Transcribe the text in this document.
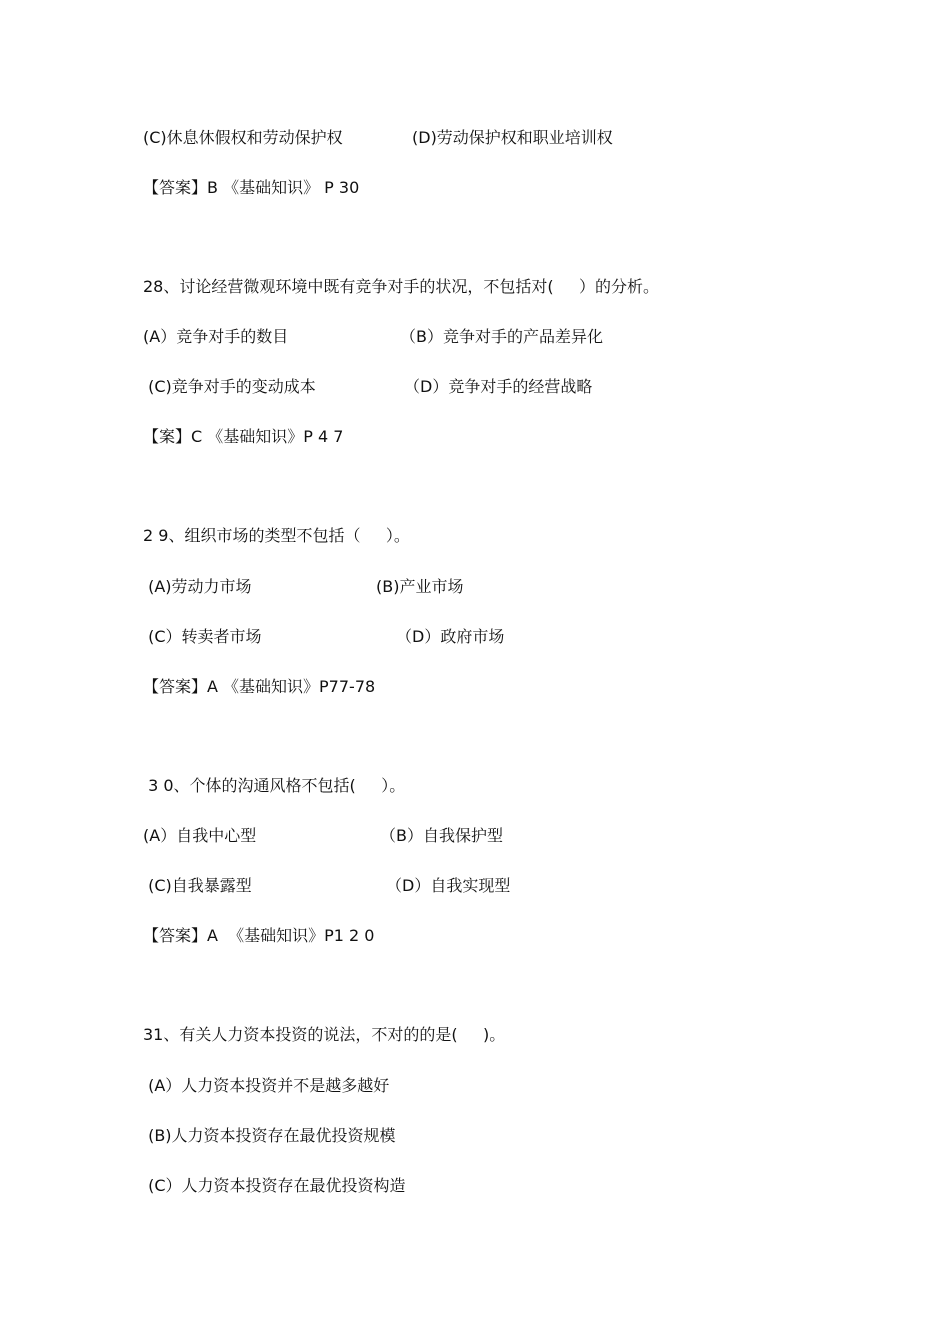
(C)休息休假权和劳动保护权	(D)劳动保护权和职业培训权
【答案】B 《基础知识》 P 30
28、讨论经营微观环境中既有竞争对手的状况，不包括对(     ）的分析。
(A）竞争对手的数目	（B）竞争对手的产品差异化
(C)竞争对手的变动成本	（D）竞争对手的经营战略
【案】C 《基础知识》P 4 7
2 9、组织市场的类型不包括（     ）。
(A)劳动力市场	(B)产业市场
(C）转卖者市场	（D）政府市场
【答案】A 《基础知识》P77-78
3 0、个体的沟通风格不包括(     ）。
(A）自我中心型	（B）自我保护型
(C)自我暴露型	（D）自我实现型
【答案】A  《基础知识》P1 2 0
31、有关人力资本投资的说法，不对的的是(     )。
(A）人力资本投资并不是越多越好
(B)人力资本投资存在最优投资规模
(C）人力资本投资存在最优投资构造
